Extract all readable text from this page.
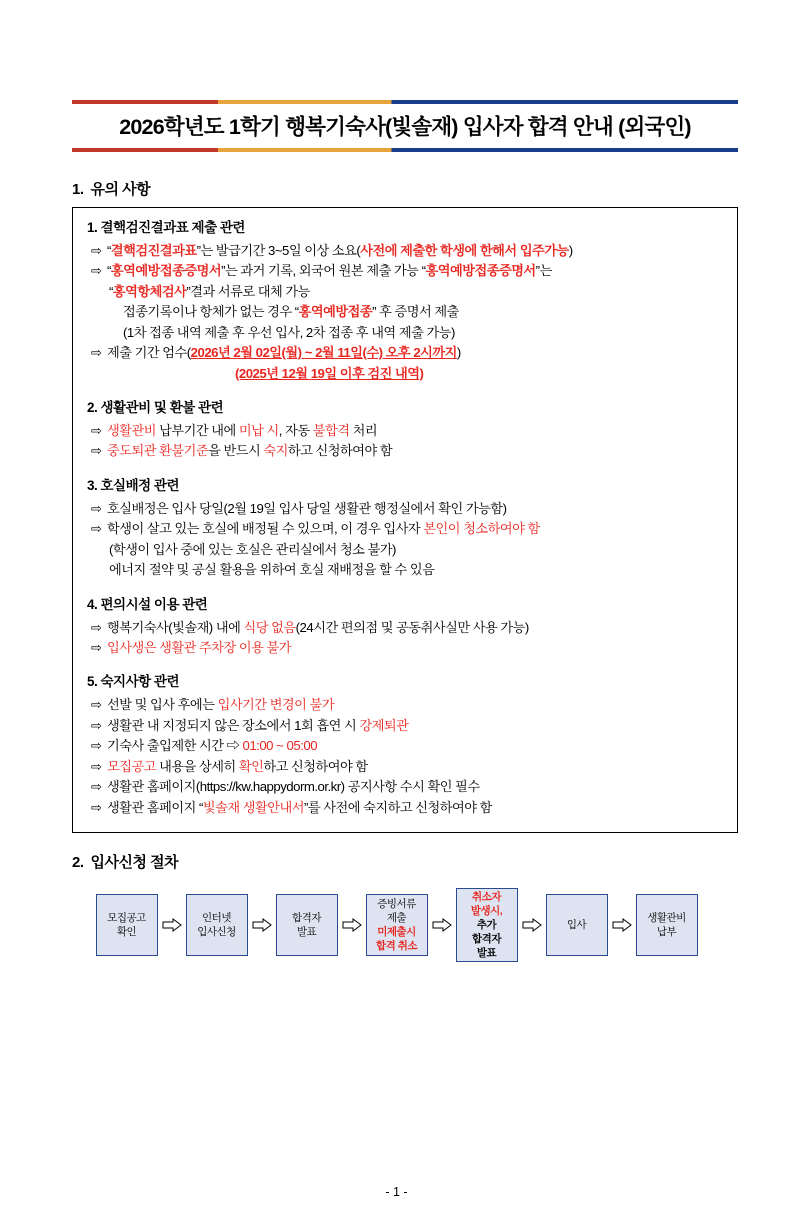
2026학년도 1학기 행복기숙사(빛솔재) 입사자 합격 안내 (외국인)
1. 유의 사항
1. 결핵검진결과표 제출 관련
⇨ “결핵검진결과표”는 발급기간 3~5일 이상 소요(사전에 제출한 학생에 한해서 입주가능)
⇨ “홍역예방접종증명서”는 과거 기록, 외국어 원본 제출 가능 “홍역예방접종증명서”는
“홍역항체검사”결과 서류로 대체 가능
접종기록이나 항체가 없는 경우 “홍역예방접종” 후 증명서 제출
(1차 접종 내역 제출 후 우선 입사, 2차 접종 후 내역 제출 가능)
⇨ 제출 기간 엄수(2026년 2월 02일(월) ~ 2월 11일(수) 오후 2시까지)
(2025년 12월 19일 이후 검진 내역)
2. 생활관비 및 환불 관련
⇨ 생활관비 납부기간 내에 미납 시, 자동 불합격 처리
⇨ 중도퇴관 환불기준을 반드시 숙지하고 신청하여야 함
3. 호실배정 관련
⇨ 호실배정은 입사 당일(2월 19일 입사 당일 생활관 행정실에서 확인 가능함)
⇨ 학생이 살고 있는 호실에 배정될 수 있으며, 이 경우 입사자 본인이 청소하여야 함
(학생이 입사 중에 있는 호실은 관리실에서 청소 불가)
에너지 절약 및 공실 활용을 위하여 호실 재배정을 할 수 있음
4. 편의시설 이용 관련
⇨ 행복기숙사(빛솔재) 내에 식당 없음(24시간 편의점 및 공동취사실만 사용 가능)
⇨ 입사생은 생활관 주차장 이용 불가
5. 숙지사항 관련
⇨ 선발 및 입사 후에는 입사기간 변경이 불가
⇨ 생활관 내 지정되지 않은 장소에서 1회 흡연 시 강제퇴관
⇨ 기숙사 출입제한 시간 ⇨ 01:00 ~ 05:00
⇨ 모집공고 내용을 상세히 확인하고 신청하여야 함
⇨ 생활관 홈페이지(https://kw.happydorm.or.kr) 공지사항 수시 확인 필수
⇨ 생활관 홈페이지 “빛솔재 생활안내서”를 사전에 숙지하고 신청하여야 함
2. 입사신청 절차
모집공고
확인
인터넷
입사신청
합격자
발표
증빙서류
제출
미제출시
합격 취소
취소자
발생시,
추가
합격자
발표
입사
생활관비
납부
- 1 -
